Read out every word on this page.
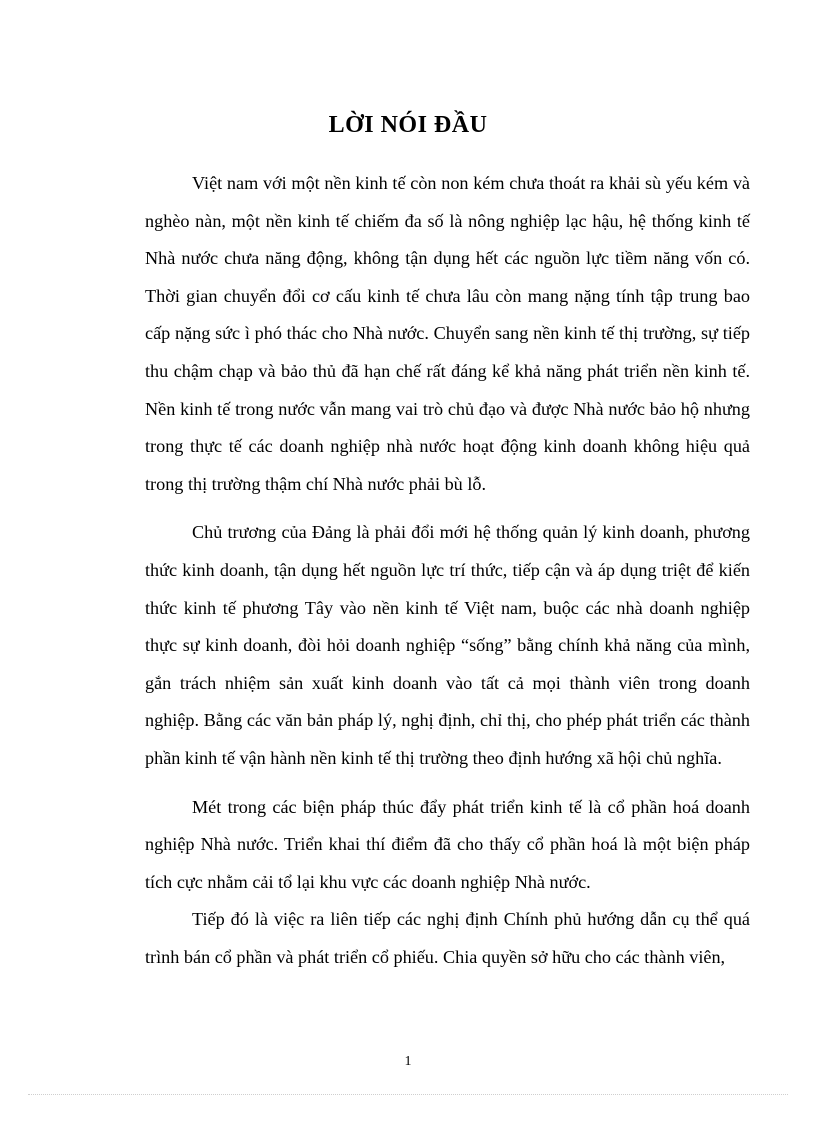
LỜI NÓI ĐẦU

Việt nam với một nền kinh tế còn non kém chưa thoát ra khải sù yếu kém và nghèo nàn, một nền kinh tế chiếm đa số là nông nghiệp lạc hậu, hệ thống kinh tế Nhà nước chưa năng động, không tận dụng hết các nguồn lực tiềm năng vốn có. Thời gian chuyển đổi cơ cấu kinh tế chưa lâu còn mang nặng tính tập trung bao cấp nặng sức ì phó thác cho Nhà nước. Chuyển sang nền kinh tế thị trường, sự tiếp thu chậm chạp và bảo thủ đã hạn chế rất đáng kể khả năng phát triển nền kinh tế. Nền kinh tế trong nước vẫn mang vai trò chủ đạo và được Nhà nước bảo hộ nhưng trong thực tế các doanh nghiệp nhà nước hoạt động kinh doanh không hiệu quả trong thị trường thậm chí Nhà nước phải bù lỗ.

Chủ trương của Đảng là phải đổi mới hệ thống quản lý kinh doanh, phương thức kinh doanh, tận dụng hết nguồn lực trí thức, tiếp cận và áp dụng triệt để kiến thức kinh tế phương Tây vào nền kinh tế Việt nam, buộc các nhà doanh nghiệp thực sự kinh doanh, đòi hỏi doanh nghiệp “sống” bằng chính khả năng của mình, gắn trách nhiệm sản xuất kinh doanh vào tất cả mọi thành viên trong doanh nghiệp. Bằng các văn bản pháp lý, nghị định, chỉ thị, cho phép phát triển các thành phần kinh tế vận hành nền kinh tế thị trường theo định hướng xã hội chủ nghĩa.

Mét trong các biện pháp thúc đẩy phát triển kinh tế là cổ phần hoá doanh nghiệp Nhà nước. Triển khai thí điểm đã cho thấy cổ phần hoá là một biện pháp tích cực nhằm cải tổ lại khu vực các doanh nghiệp Nhà nước.

Tiếp đó là việc ra liên tiếp các nghị định Chính phủ hướng dẫn cụ thể quá trình bán cổ phần và phát triển cổ phiếu. Chia quyền sở hữu cho các thành viên,

1
